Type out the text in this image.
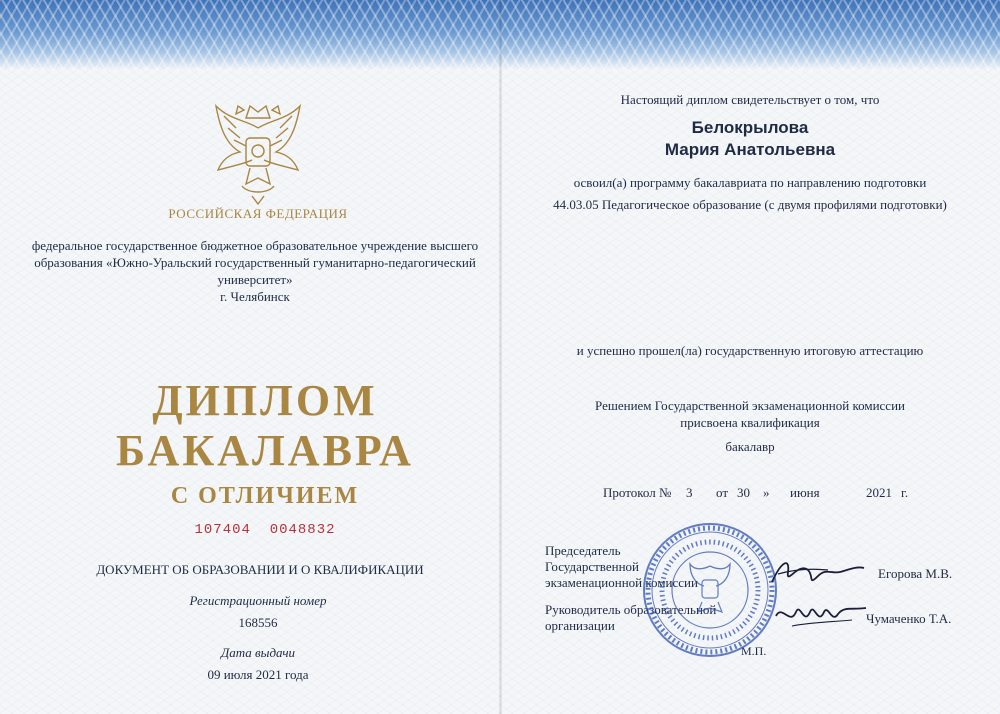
РОССИЙСКАЯ ФЕДЕРАЦИЯ
федеральное государственное бюджетное образовательное учреждение высшего
образования «Южно-Уральский государственный гуманитарно-педагогический
университет»
г. Челябинск
ДИПЛОМ
БАКАЛАВРА
С ОТЛИЧИЕМ
107404  0048832
ДОКУМЕНТ ОБ ОБРАЗОВАНИИ И О КВАЛИФИКАЦИИ
Регистрационный номер
168556
Дата выдачи
09 июля 2021 года
Настоящий диплом свидетельствует о том, что
Белокрылова
Мария Анатольевна
освоил(а) программу бакалавриата по направлению подготовки
44.03.05 Педагогическое образование (с двумя профилями подготовки)
и успешно прошел(ла) государственную итоговую аттестацию
Решением Государственной экзаменационной комиссии
присвоена квалификация
бакалавр
Протокол № 3 от 30 » июня	2021 г.
Председатель
Государственной
экзаменационной комиссии
Егорова М.В.
Руководитель образовательной
организации	Чумаченко Т.А.
М.П.
